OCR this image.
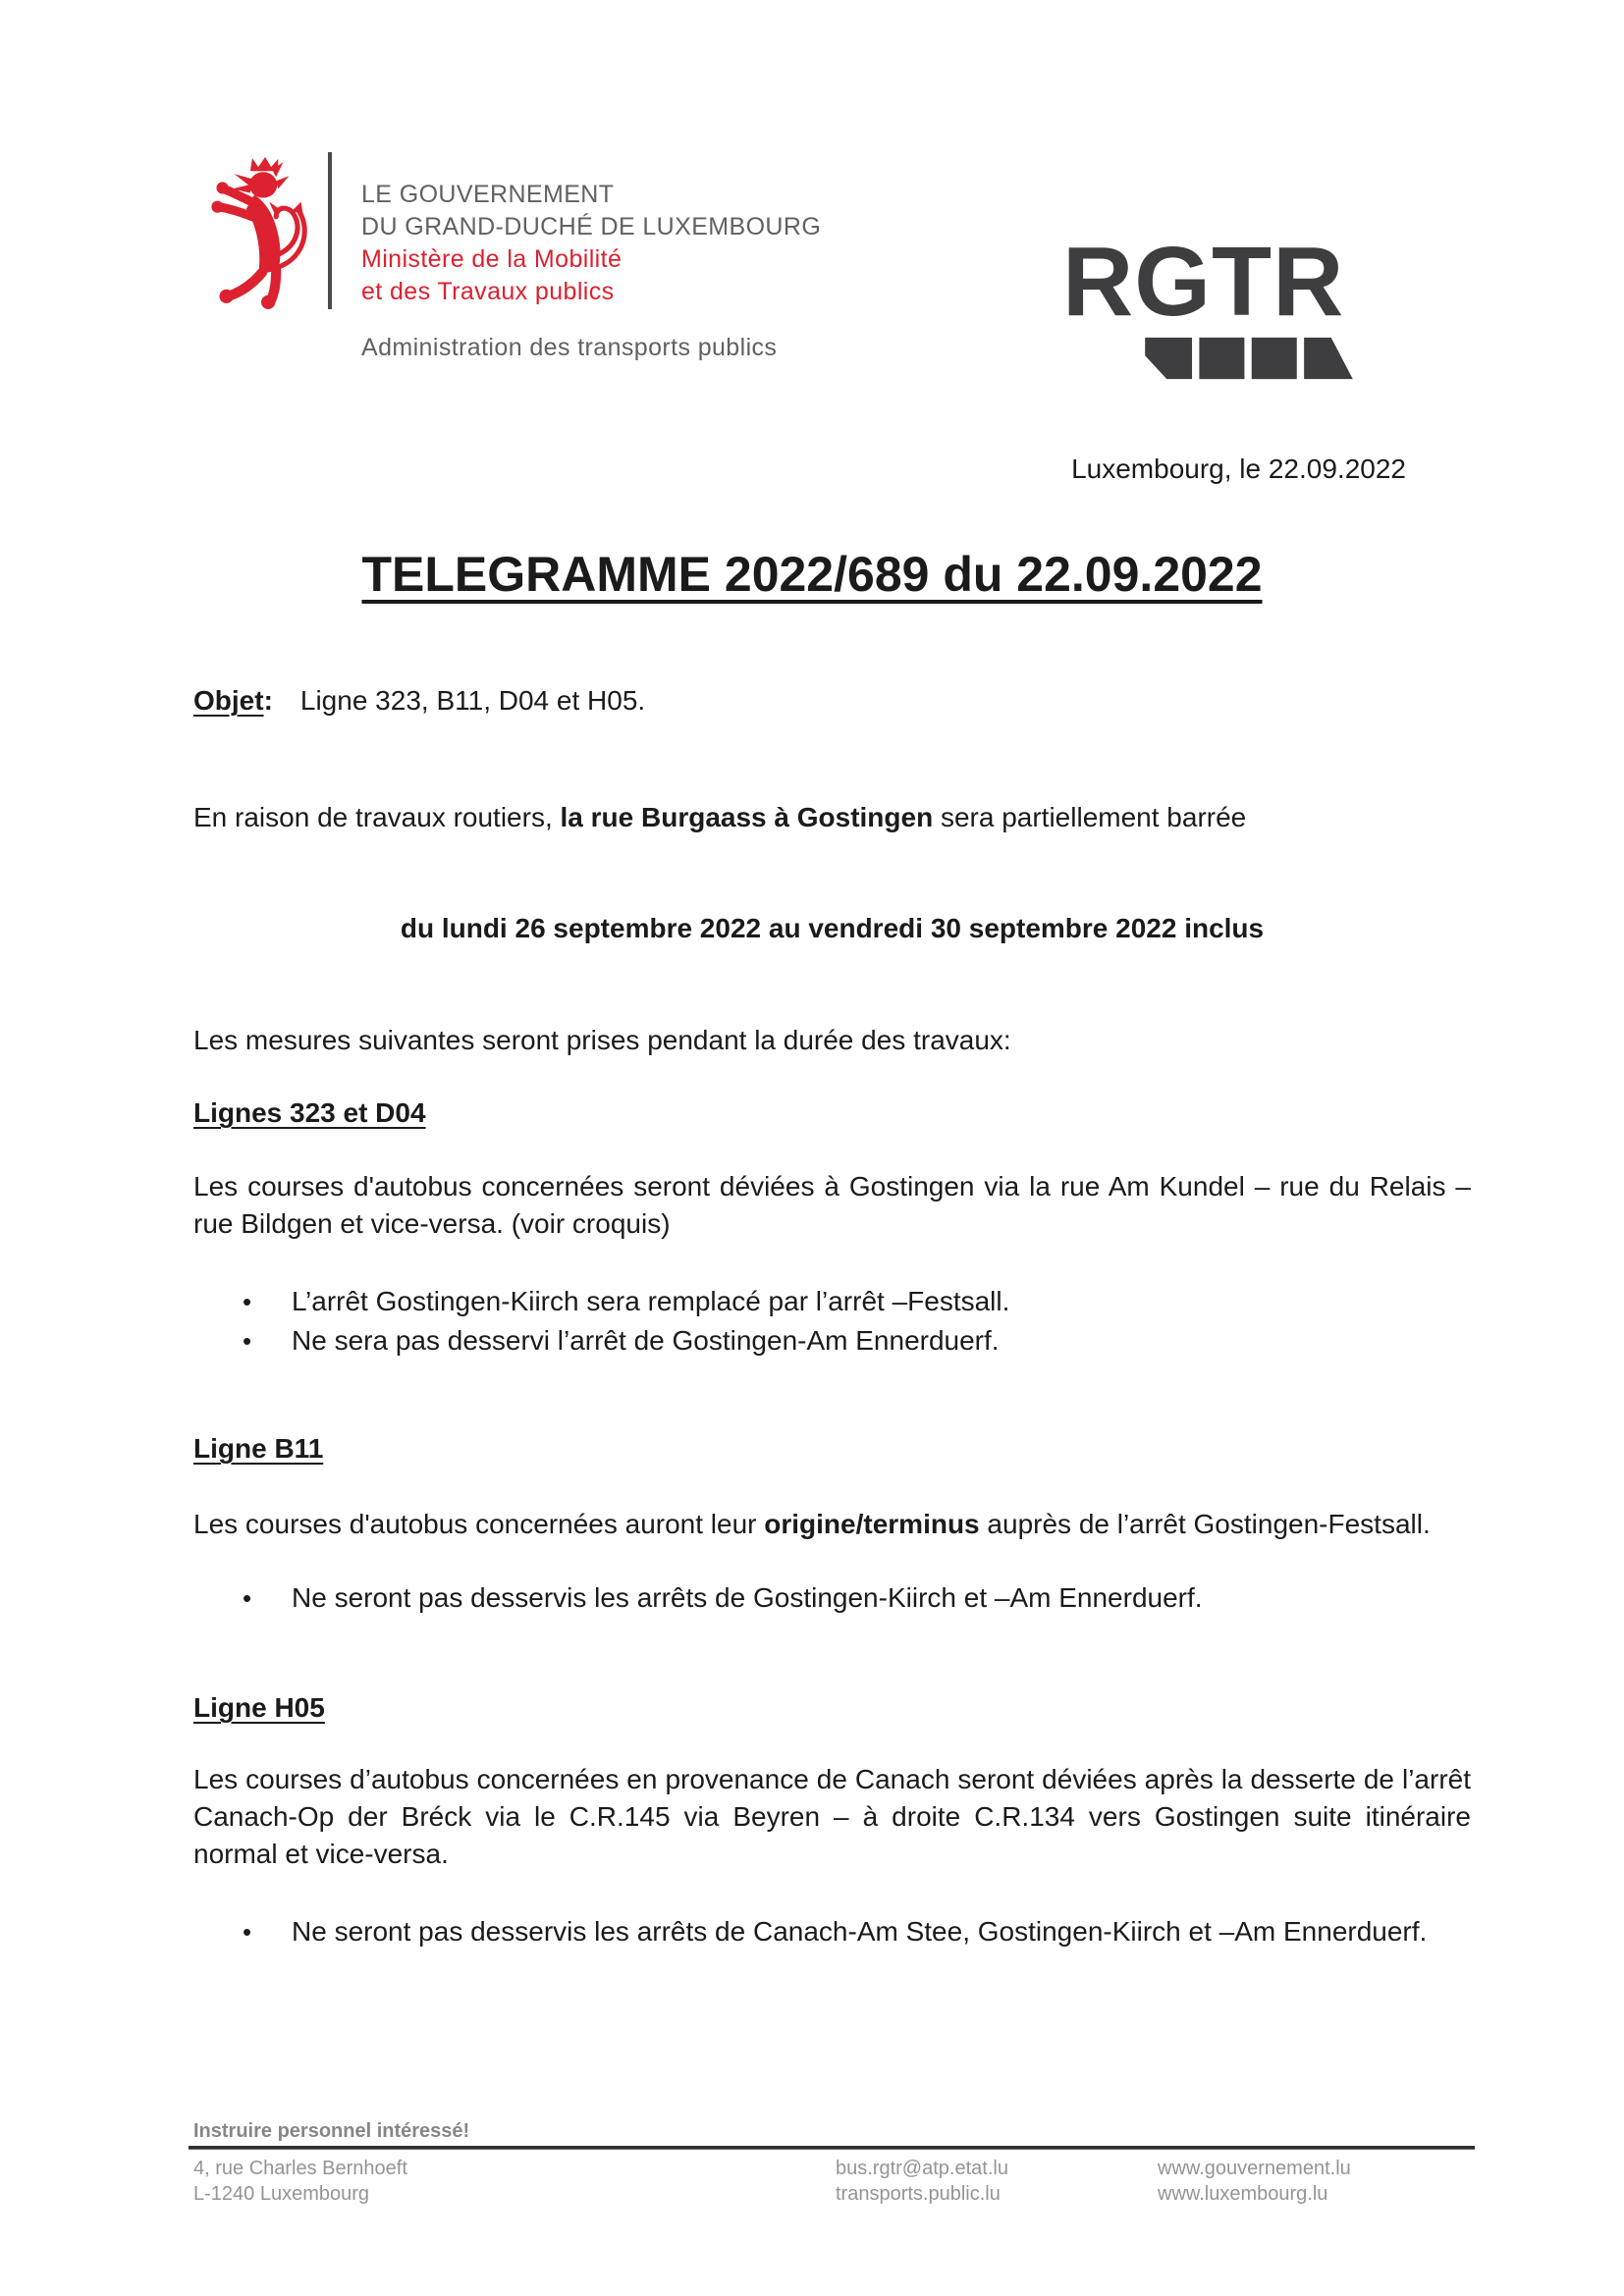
LE GOUVERNEMENT
DU GRAND-DUCHÉ DE LUXEMBOURG
Ministère de la Mobilité
et des Travaux publics
Administration des transports publics
RGTR
Luxembourg, le 22.09.2022
TELEGRAMME 2022/689 du 22.09.2022
Objet: Ligne 323, B11, D04 et H05.
En raison de travaux routiers, la rue Burgaass à Gostingen sera partiellement barrée
du lundi 26 septembre 2022 au vendredi 30 septembre 2022 inclus
Les mesures suivantes seront prises pendant la durée des travaux:
Lignes 323 et D04
Les courses d'autobus concernées seront déviées à Gostingen via la rue Am Kundel – rue du Relais – rue Bildgen et vice-versa. (voir croquis)
• L’arrêt Gostingen-Kiirch sera remplacé par l’arrêt –Festsall.
• Ne sera pas desservi l’arrêt de Gostingen-Am Ennerduerf.
Ligne B11
Les courses d'autobus concernées auront leur origine/terminus auprès de l’arrêt Gostingen-Festsall.
• Ne seront pas desservis les arrêts de Gostingen-Kiirch et –Am Ennerduerf.
Ligne H05
Les courses d’autobus concernées en provenance de Canach seront déviées après la desserte de l’arrêt Canach-Op der Bréck via le C.R.145 via Beyren – à droite C.R.134 vers Gostingen suite itinéraire normal et vice-versa.
• Ne seront pas desservis les arrêts de Canach-Am Stee, Gostingen-Kiirch et –Am Ennerduerf.
Instruire personnel intéressé!
4, rue Charles Bernhoeft
L-1240 Luxembourg
bus.rgtr@atp.etat.lu
transports.public.lu
www.gouvernement.lu
www.luxembourg.lu
